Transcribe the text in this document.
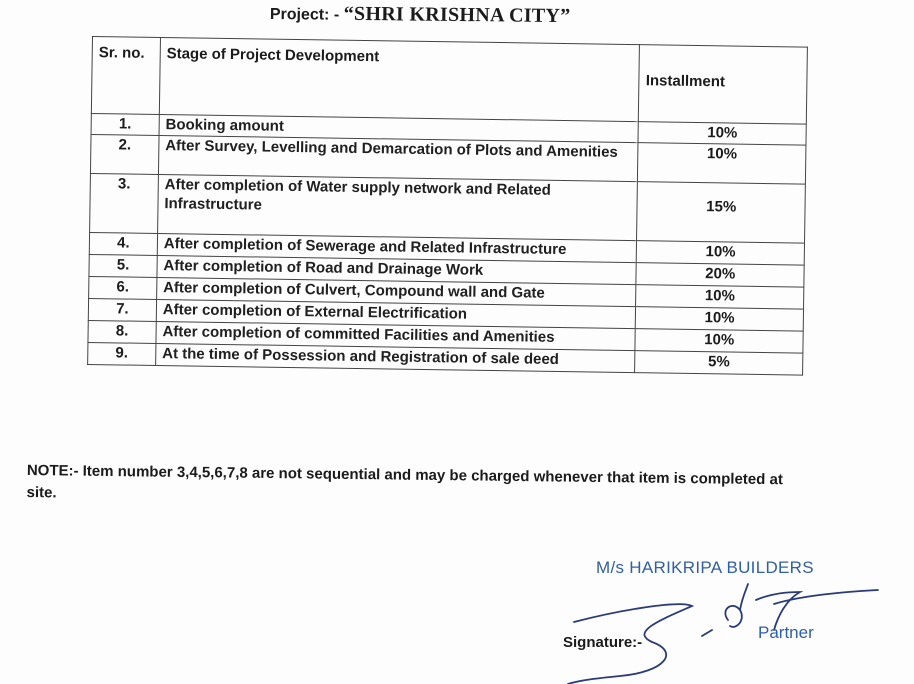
Project: - “SHRI KRISHNA CITY”
Sr. no.	Stage of Project Development	Installment
1.	Booking amount	10%
2.	After Survey, Levelling and Demarcation of Plots and Amenities	10%
3.	After completion of Water supply network and Related Infrastructure	15%
4.	After completion of Sewerage and Related Infrastructure	10%
5.	After completion of Road and Drainage Work	20%
6.	After completion of Culvert, Compound wall and Gate	10%
7.	After completion of External Electrification	10%
8.	After completion of committed Facilities and Amenities	10%
9.	At the time of Possession and Registration of sale deed	5%
NOTE:- Item number 3,4,5,6,7,8 are not sequential and may be charged whenever that item is completed at site.
M/s HARIKRIPA BUILDERS
Partner
Signature:-
